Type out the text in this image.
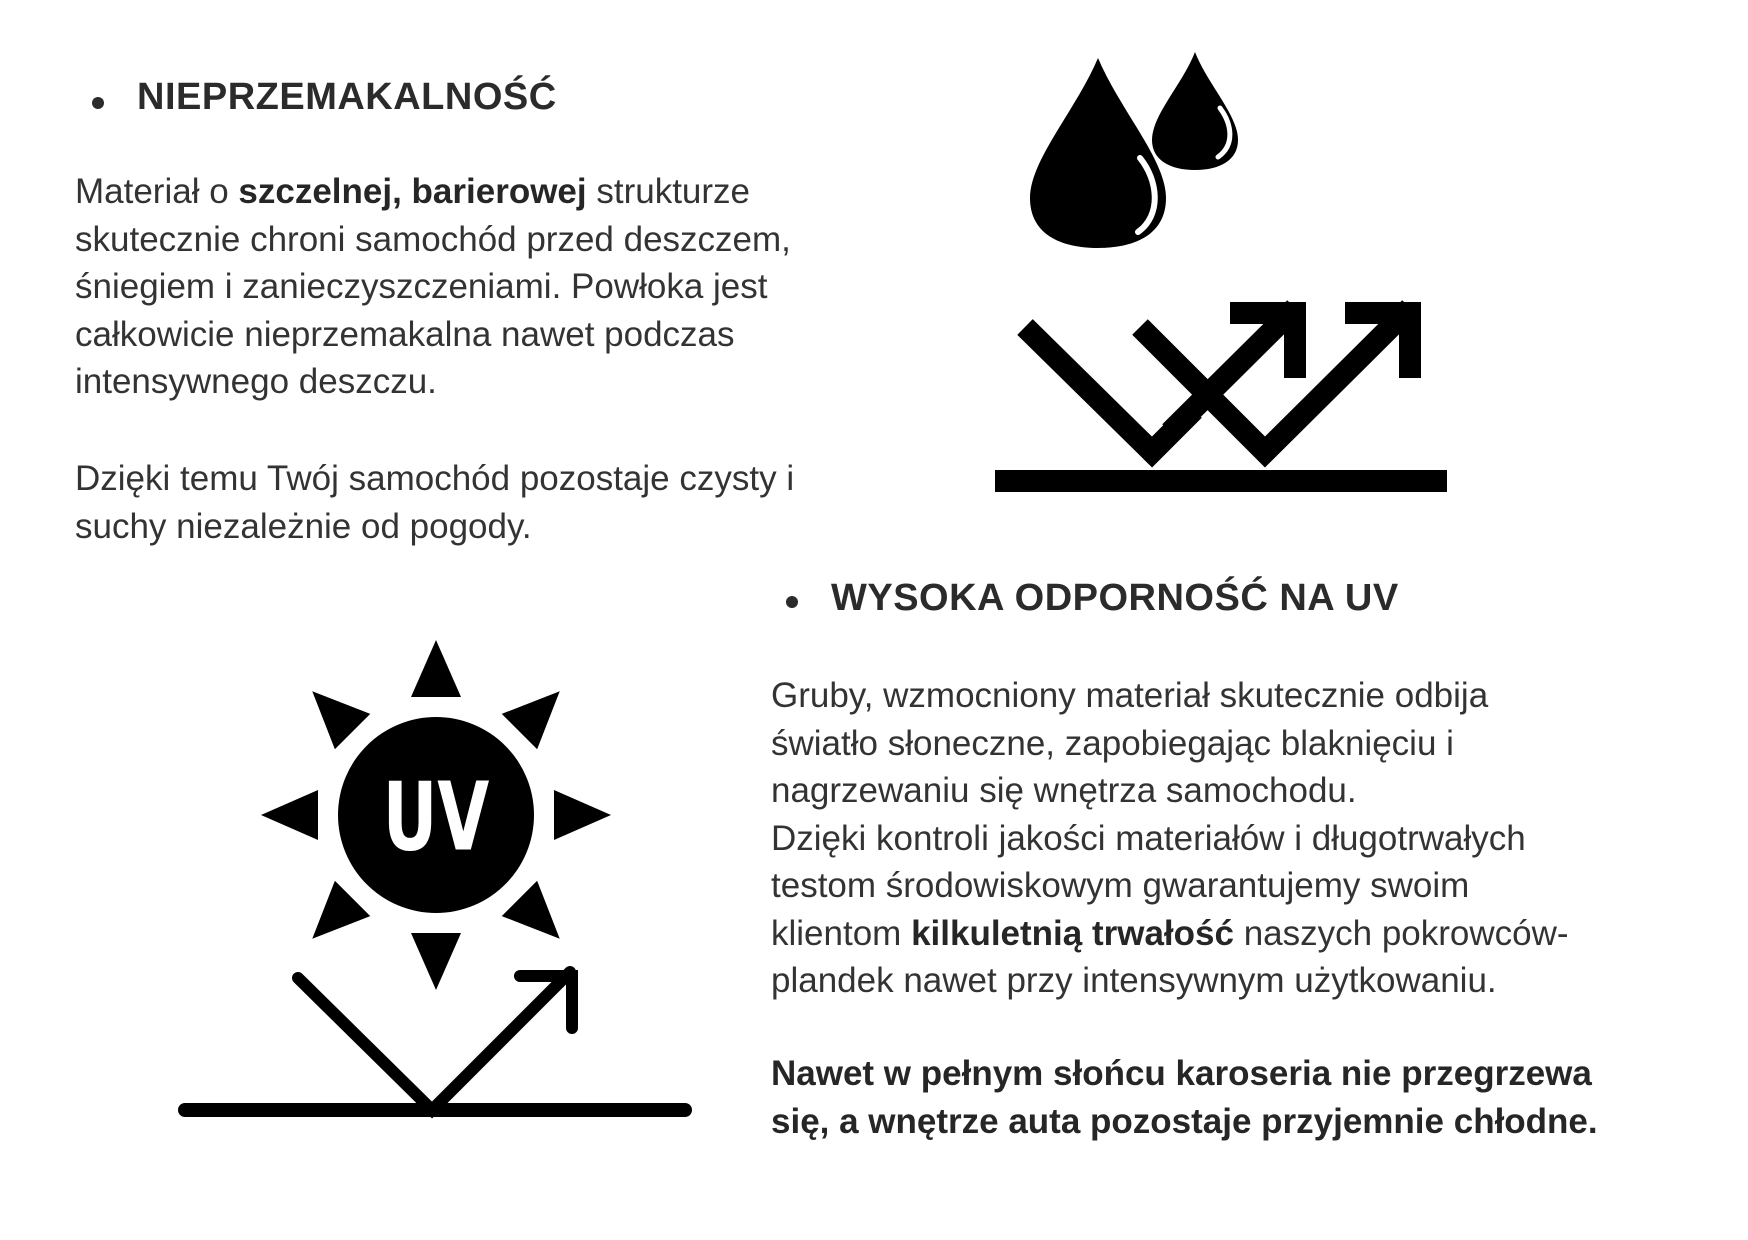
NIEPRZEMAKALNOŚĆ
Materiał o szczelnej, barierowej strukturze
skutecznie chroni samochód przed deszczem,
śniegiem i zanieczyszczeniami. Powłoka jest
całkowicie nieprzemakalna nawet podczas
intensywnego deszczu.
Dzięki temu Twój samochód pozostaje czysty i
suchy niezależnie od pogody.
WYSOKA ODPORNOŚĆ NA UV
Gruby, wzmocniony materiał skutecznie odbija
światło słoneczne, zapobiegając blaknięciu i
nagrzewaniu się wnętrza samochodu.
Dzięki kontroli jakości materiałów i długotrwałych
testom środowiskowym gwarantujemy swoim
klientom kilkuletnią trwałość naszych pokrowców-
plandek nawet przy intensywnym użytkowaniu.
Nawet w pełnym słońcu karoseria nie przegrzewa
się, a wnętrze auta pozostaje przyjemnie chłodne.
UV
